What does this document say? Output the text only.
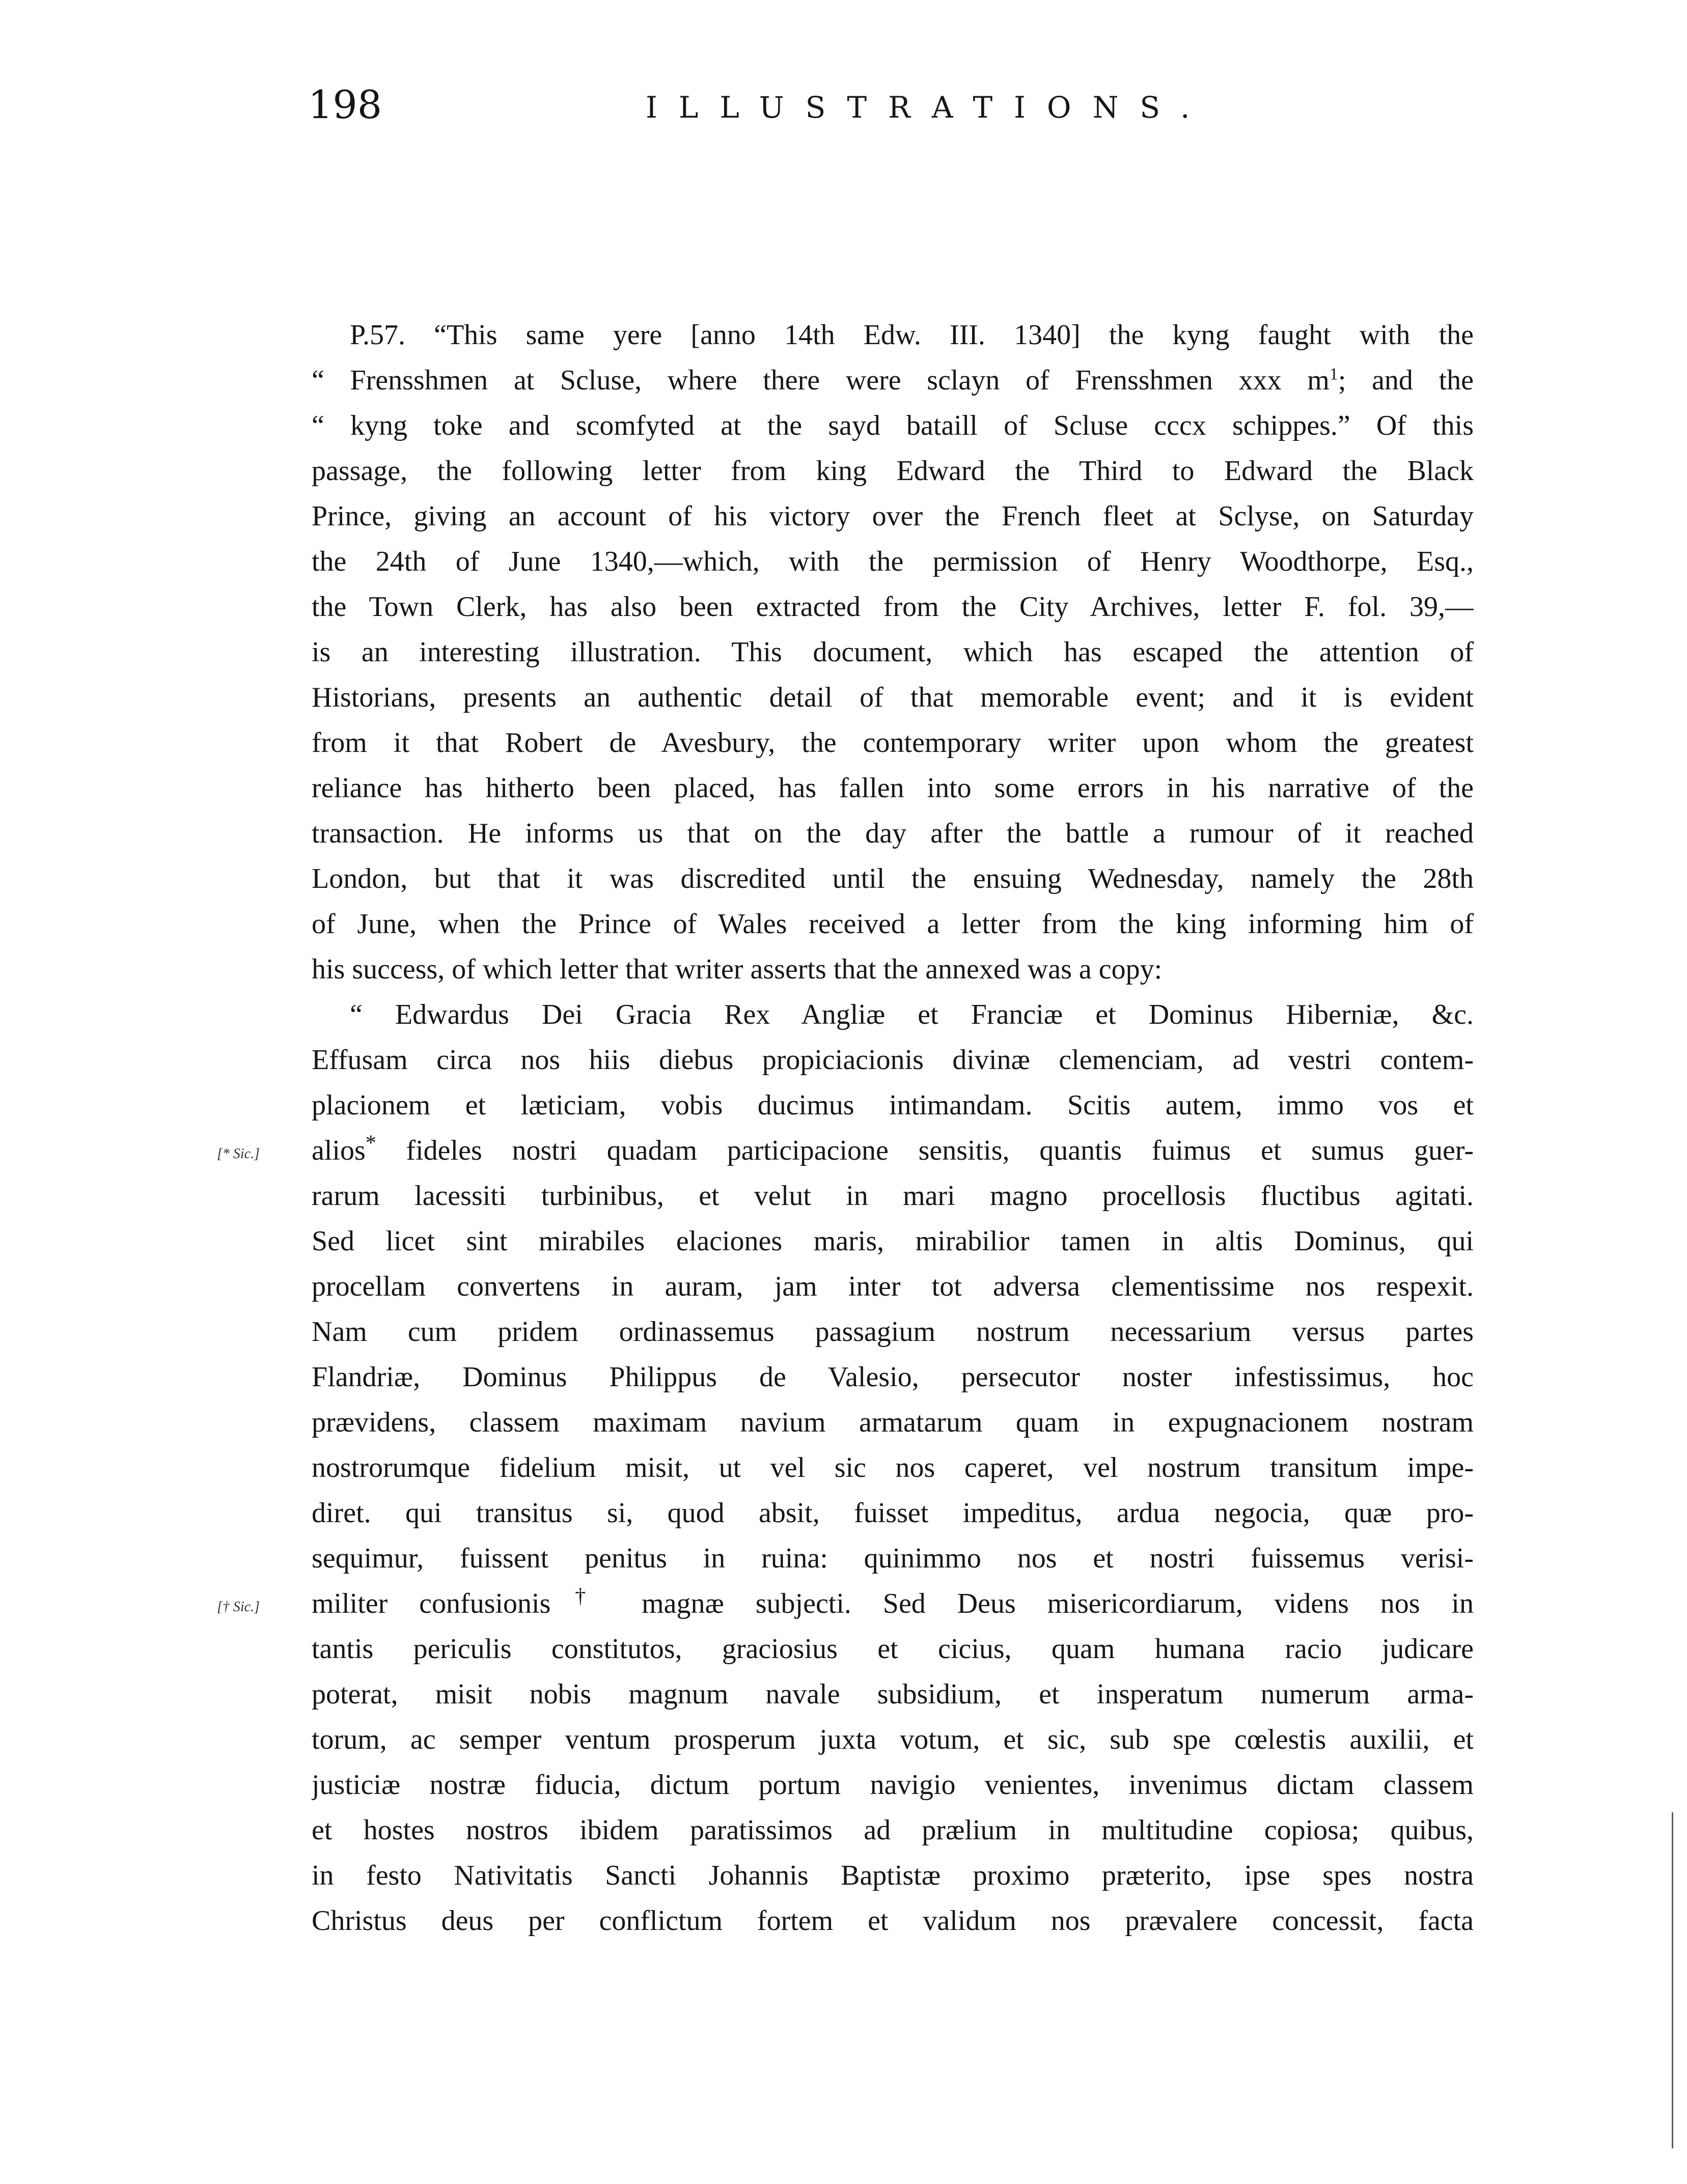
198	ILLUSTRATIONS.
P.57. “This same yere [anno 14th Edw. III. 1340] the kyng faught with the
“ Frensshmen at Scluse, where there were sclayn of Frensshmen xxx $m^1$; and the
“ kyng toke and scomfyted at the sayd bataill of Scluse cccx schippes.” Of this
passage, the following letter from king Edward the Third to Edward the Black
Prince, giving an account of his victory over the French fleet at Sclyse, on Saturday
the 24th of June 1340,—which, with the permission of Henry Woodthorpe, Esq.,
the Town Clerk, has also been extracted from the City Archives, letter F. fol. 39,—
is an interesting illustration. This document, which has escaped the attention of
Historians, presents an authentic detail of that memorable event; and it is evident
from it that Robert de Avesbury, the contemporary writer upon whom the greatest
reliance has hitherto been placed, has fallen into some errors in his narrative of the
transaction. He informs us that on the day after the battle a rumour of it reached
London, but that it was discredited until the ensuing Wednesday, namely the 28th
of June, when the Prince of Wales received a letter from the king informing him of
his success, of which letter that writer asserts that the annexed was a copy:
“ Edwardus Dei Gracia Rex Angliæ et Franciæ et Dominus Hiberniæ, &c.
Effusam circa nos hiis diebus propiciacionis divinæ clemenciam, ad vestri contem-
placionem et læticiam, vobis ducimus intimandam. Scitis autem, immo vos et
alios* fideles nostri quadam participacione sensitis, quantis fuimus et sumus guer-
[* Sic.]
rarum lacessiti turbinibus, et velut in mari magno procellosis fluctibus agitati.
Sed licet sint mirabiles elaciones maris, mirabilior tamen in altis Dominus, qui
procellam convertens in auram, jam inter tot adversa clementissime nos respexit.
Nam cum pridem ordinassemus passagium nostrum necessarium versus partes
Flandriæ, Dominus Philippus de Valesio, persecutor noster infestissimus, hoc
prævidens, classem maximam navium armatarum quam in expugnacionem nostram
nostrorumque fidelium misit, ut vel sic nos caperet, vel nostrum transitum impe-
diret. qui transitus si, quod absit, fuisset impeditus, ardua negocia, quæ pro-
sequimur, fuissent penitus in ruina: quinimmo nos et nostri fuissemus verisi-
militer confusionis† magnæ subjecti. Sed Deus misericordiarum, videns nos in
[† Sic.]
tantis periculis constitutos, graciosius et cicius, quam humana racio judicare
poterat, misit nobis magnum navale subsidium, et insperatum numerum arma-
torum, ac semper ventum prosperum juxta votum, et sic, sub spe cœlestis auxilii, et
justiciæ nostræ fiducia, dictum portum navigio venientes, invenimus dictam classem
et hostes nostros ibidem paratissimos ad prælium in multitudine copiosa; quibus,
in festo Nativitatis Sancti Johannis Baptistæ proximo præterito, ipse spes nostra
Christus deus per conflictum fortem et validum nos prævalere concessit, facta
